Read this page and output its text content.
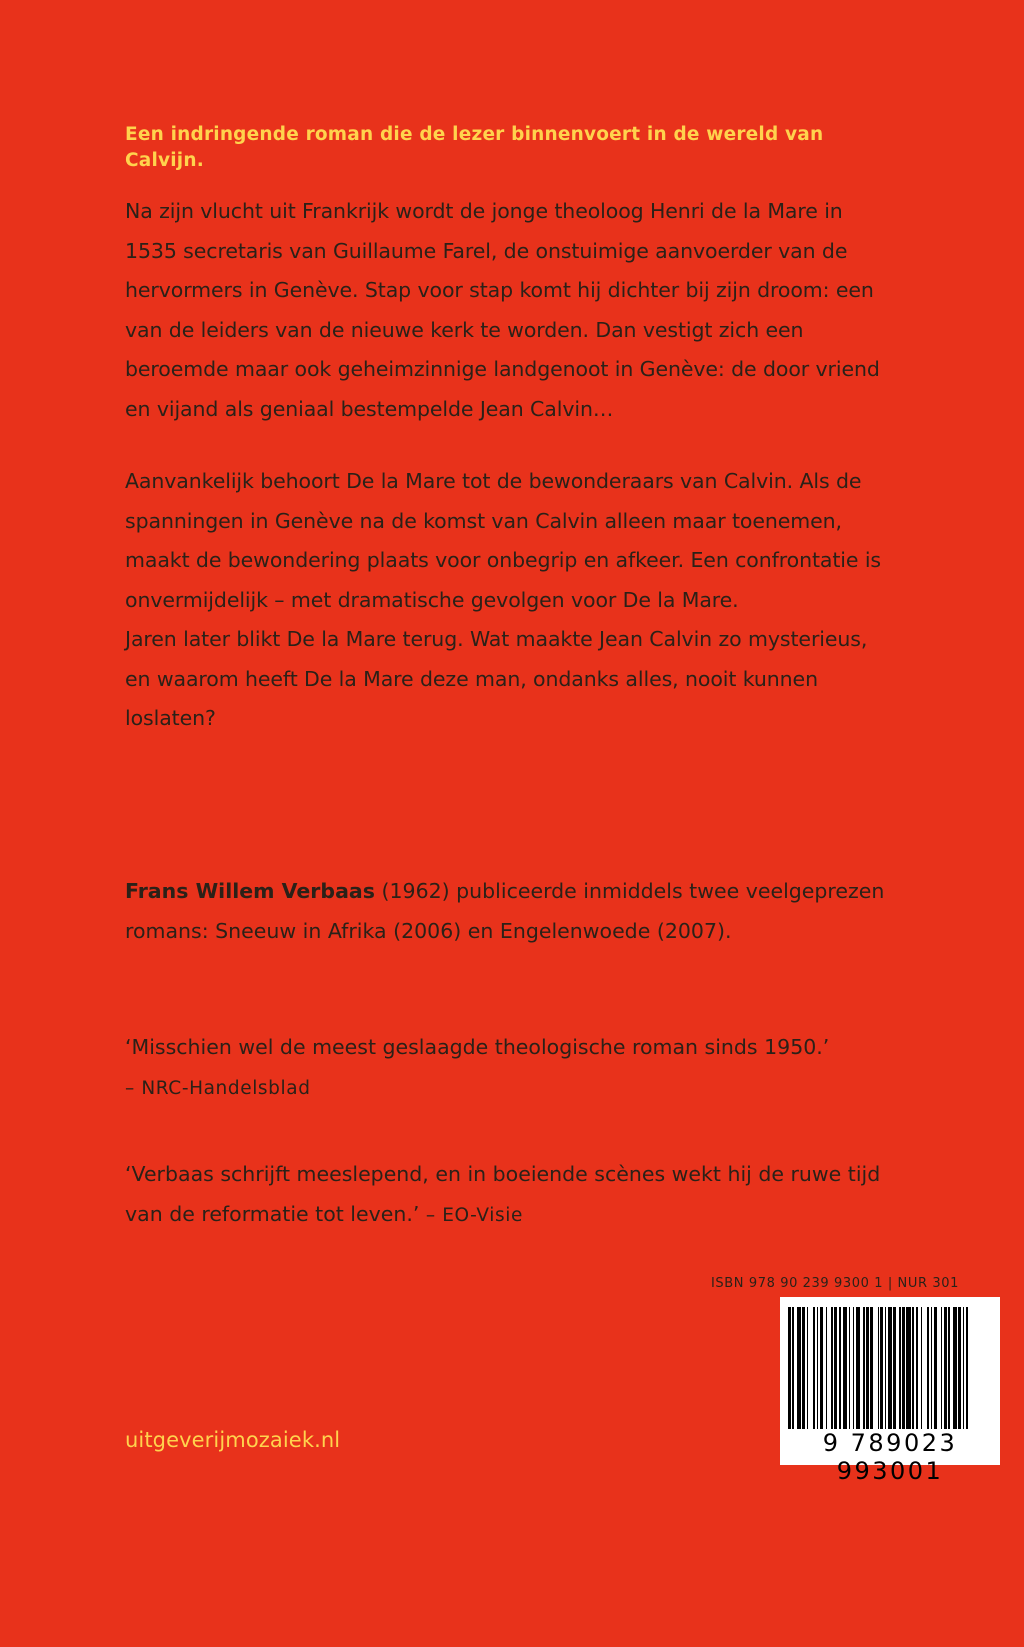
Een indringende roman die de lezer binnenvoert in de wereld van Calvijn.

Na zijn vlucht uit Frankrijk wordt de jonge theoloog Henri de la Mare in 1535 secretaris van Guillaume Farel, de onstuimige aanvoerder van de hervormers in Genève. Stap voor stap komt hij dichter bij zijn droom: een van de leiders van de nieuwe kerk te worden. Dan vestigt zich een beroemde maar ook geheimzinnige landgenoot in Genève: de door vriend en vijand als geniaal bestempelde Jean Calvin…

Aanvankelijk behoort De la Mare tot de bewonderaars van Calvin. Als de spanningen in Genève na de komst van Calvin alleen maar toenemen, maakt de bewondering plaats voor onbegrip en afkeer. Een confrontatie is onvermijdelijk – met dramatische gevolgen voor De la Mare.

Jaren later blikt De la Mare terug. Wat maakte Jean Calvin zo mysterieus, en waarom heeft De la Mare deze man, ondanks alles, nooit kunnen loslaten?

Frans Willem Verbaas (1962) publiceerde inmiddels twee veelgeprezen romans: Sneeuw in Afrika (2006) en Engelenwoede (2007).
‘Misschien wel de meest geslaagde theologische roman sinds 1950.’
– NRC-Handelsblad
‘Verbaas schrijft meeslepend, en in boeiende scènes wekt hij de ruwe tijd van de reformatie tot leven.’ – EO-Visie
ISBN 978 90 239 9300 1 | NUR 301
9 789023 993001
uitgeverijmozaiek.nl
